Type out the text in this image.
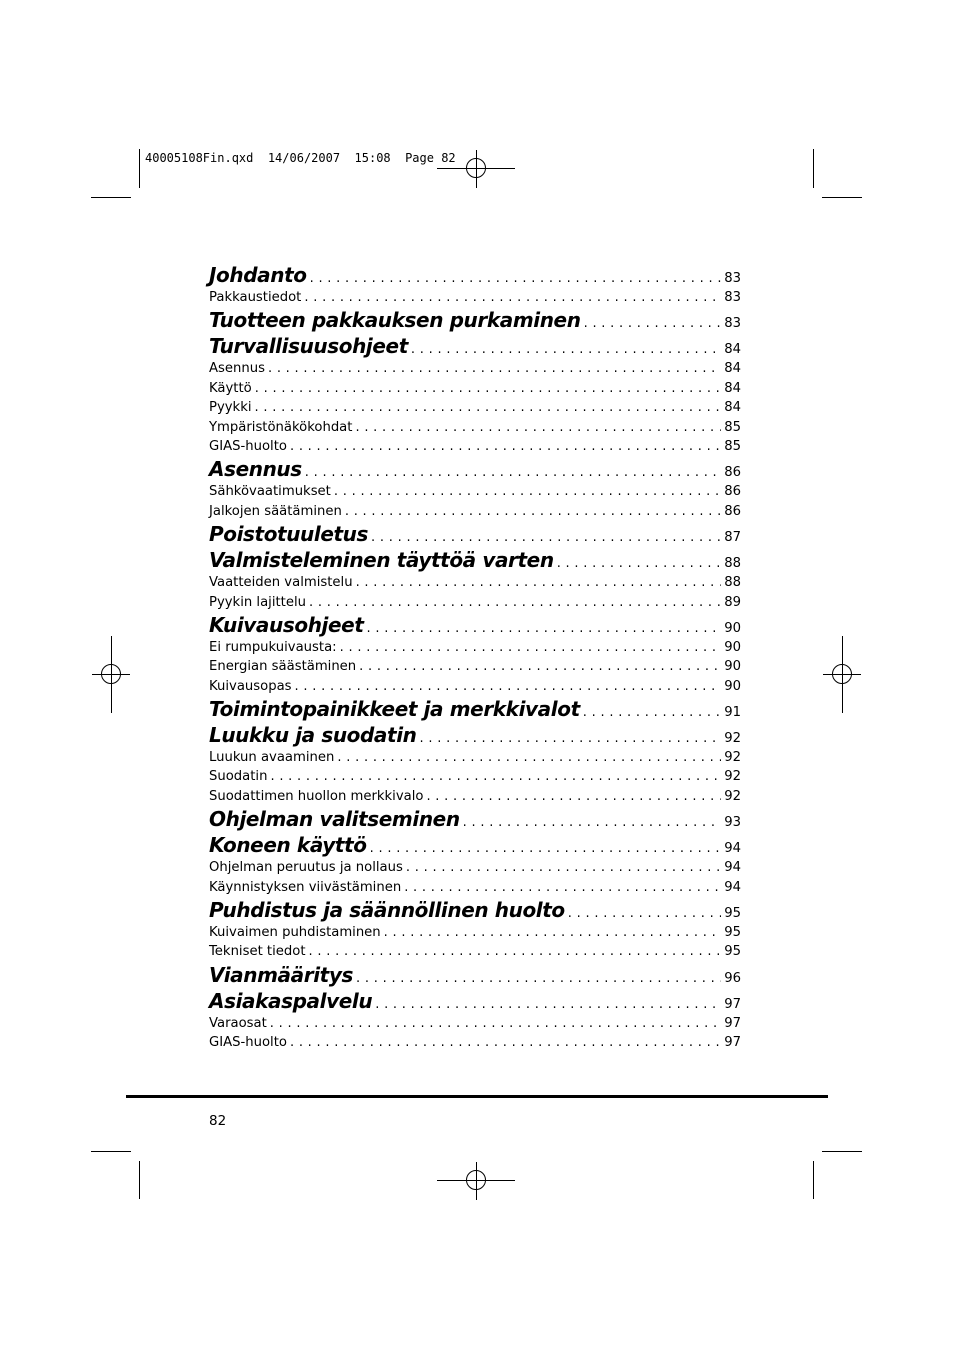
40005108Fin.qxd  14/06/2007  15:08  Page 82
Johdanto . . .	83
Pakkaustiedot . . .	83
Tuotteen pakkauksen purkaminen . . .	83
Turvallisuusohjeet . . .	84
Asennus . . .	84
Käyttö . . .	84
Pyykki . . .	84
Ympäristönäkökohdat . . .	85
GIAS-huolto . . .	85
Asennus . . .	86
Sähkövaatimukset . . .	86
Jalkojen säätäminen . . .	86
Poistotuuletus . . .	87
Valmisteleminen täyttöä varten . . .	88
Vaatteiden valmistelu . . .	88
Pyykin lajittelu . . .	89
Kuivausohjeet . . .	90
Ei rumpukuivausta: . . .	90
Energian säästäminen . . .	90
Kuivausopas . . .	90
Toimintopainikkeet ja merkkivalot . . .	91
Luukku ja suodatin . . .	92
Luukun avaaminen . . .	92
Suodatin . . .	92
Suodattimen huollon merkkivalo . . .	92
Ohjelman valitseminen . . .	93
Koneen käyttö . . .	94
Ohjelman peruutus ja nollaus . . .	94
Käynnistyksen viivästäminen . . .	94
Puhdistus ja säännöllinen huolto . . .	95
Kuivaimen puhdistaminen . . .	95
Tekniset tiedot . . .	95
Vianmääritys . . .	96
Asiakaspalvelu . . .	97
Varaosat . . .	97
GIAS-huolto . . .	97
82
